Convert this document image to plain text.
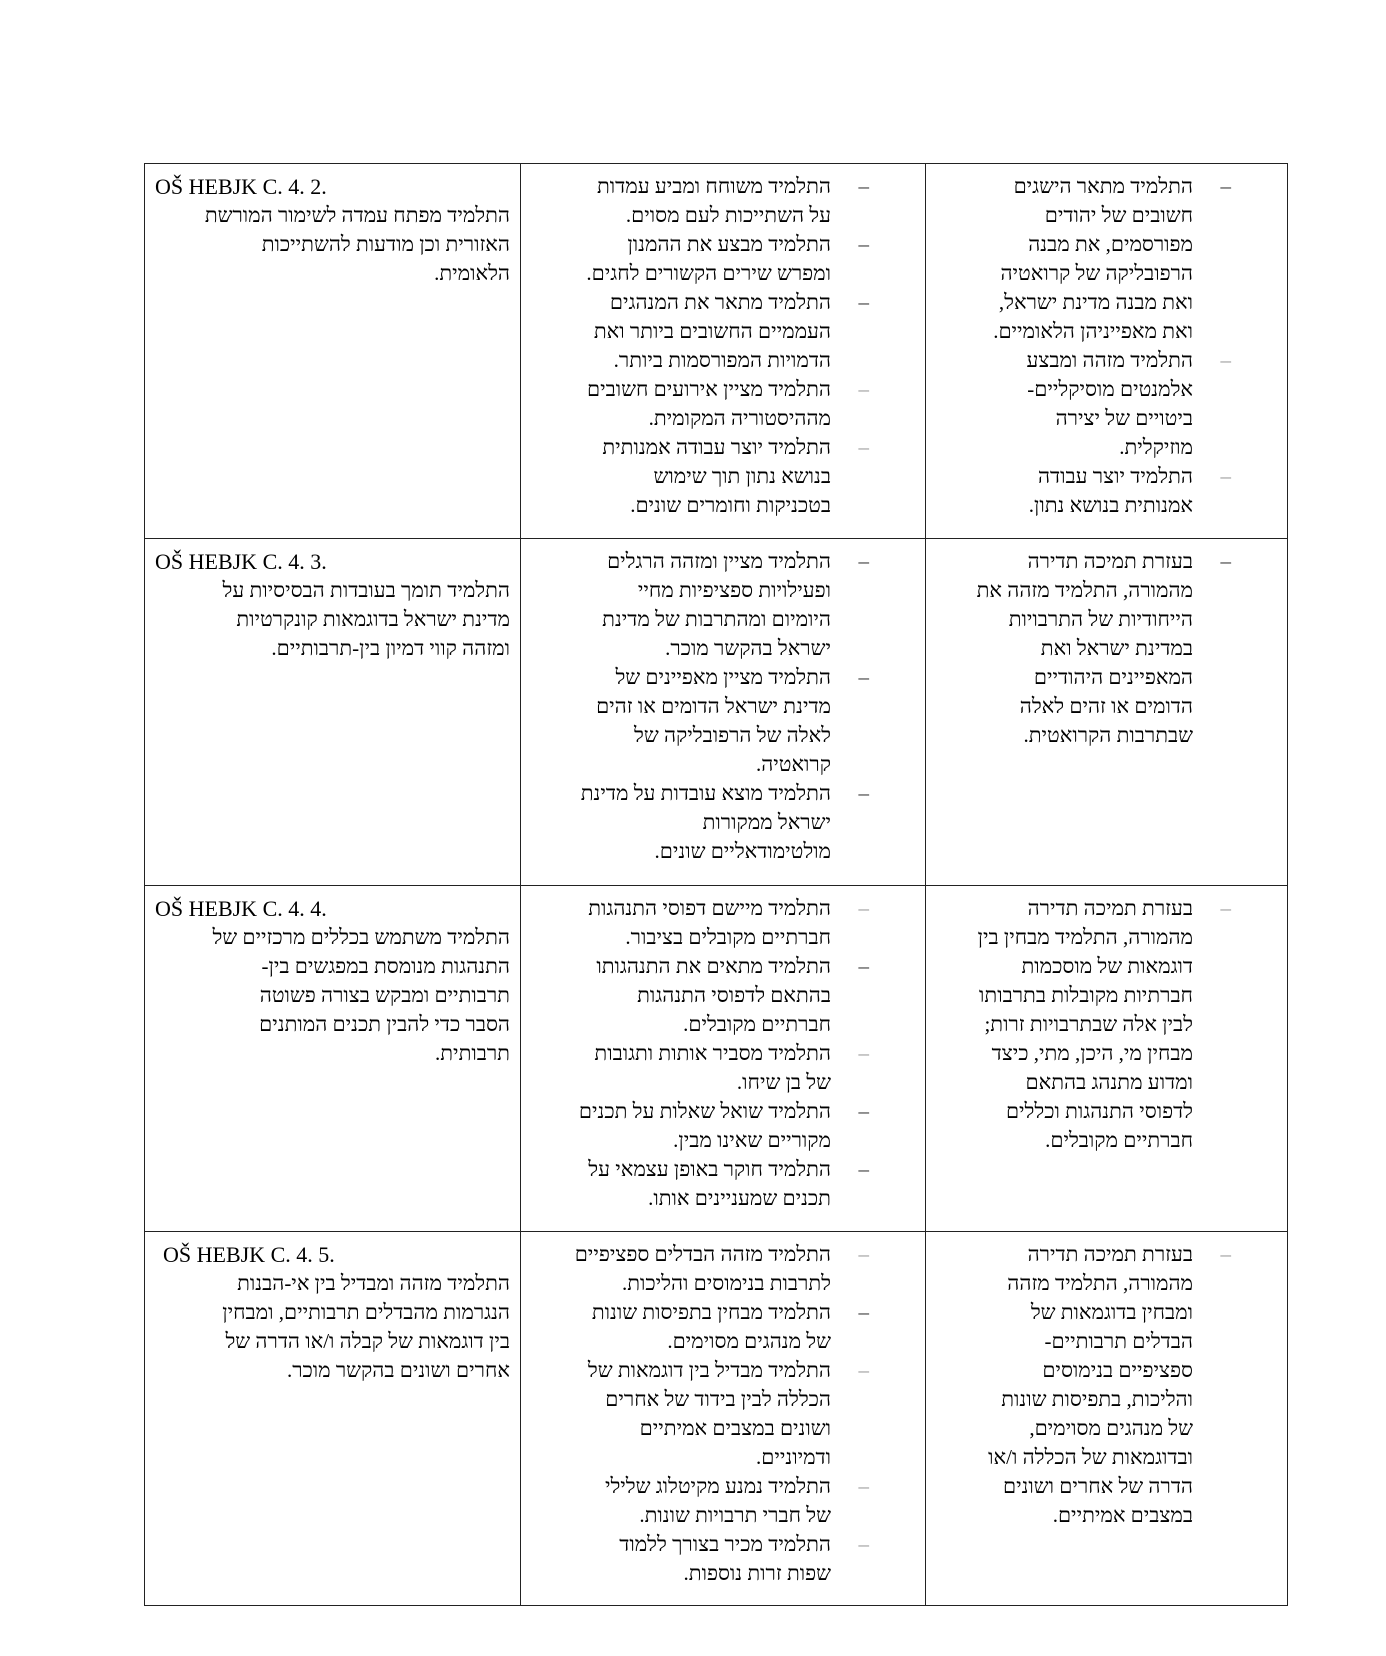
OŠ HEBJK C. 4. 2.
התלמיד מפתח עמדה לשימור המורשת
האזורית וכן מודעות להשתייכות
הלאומית.
–
התלמיד משוחח ומביע עמדות
על השתייכות לעם מסוים.
–
התלמיד מבצע את ההמנון
ומפרש שירים הקשורים לחגים.
–
התלמיד מתאר את המנהגים
העממיים החשובים ביותר ואת
הדמויות המפורסמות ביותר.
–
התלמיד מציין אירועים חשובים
מההיסטוריה המקומית.
–
התלמיד יוצר עבודה אמנותית
בנושא נתון תוך שימוש
בטכניקות וחומרים שונים.
–
התלמיד מתאר הישגים
חשובים של יהודים
מפורסמים, את מבנה
הרפובליקה של קרואטיה
ואת מבנה מדינת ישראל,
ואת מאפייניהן הלאומיים.
–
התלמיד מזהה ומבצע
אלמנטים מוסיקליים-
ביטויים של יצירה
מוזיקלית.
–
התלמיד יוצר עבודה
אמנותית בנושא נתון.
OŠ HEBJK C. 4. 3.
התלמיד תומך בעובדות הבסיסיות על
מדינת ישראל בדוגמאות קונקרטיות
ומזהה קווי דמיון בין-תרבותיים.
–
התלמיד מציין ומזהה הרגלים
ופעילויות ספציפיות מחיי
היומיום ומהתרבות של מדינת
ישראל בהקשר מוכר.
–
התלמיד מציין מאפיינים של
מדינת ישראל הדומים או זהים
לאלה של הרפובליקה של
קרואטיה.
–
התלמיד מוצא עובדות על מדינת
ישראל ממקורות
מולטימודאליים שונים.
–
בעזרת תמיכה תדירה
מהמורה, התלמיד מזהה את
הייחודיות של התרבויות
במדינת ישראל ואת
המאפיינים היהודיים
הדומים או זהים לאלה
שבתרבות הקרואטית.
OŠ HEBJK C. 4. 4.
התלמיד משתמש בכללים מרכזיים של
התנהגות מנומסת במפגשים בין-
תרבותיים ומבקש בצורה פשוטה
הסבר כדי להבין תכנים המותנים
תרבותית.
–
התלמיד מיישם דפוסי התנהגות
חברתיים מקובלים בציבור.
–
התלמיד מתאים את התנהגותו
בהתאם לדפוסי התנהגות
חברתיים מקובלים.
–
התלמיד מסביר אותות ותגובות
של בן שיחו.
–
התלמיד שואל שאלות על תכנים
מקוריים שאינו מבין.
–
התלמיד חוקר באופן עצמאי על
תכנים שמעניינים אותו.
–
בעזרת תמיכה תדירה
מהמורה, התלמיד מבחין בין
דוגמאות של מוסכמות
חברתיות מקובלות בתרבותו
לבין אלה שבתרבויות זרות;
מבחין מי, היכן, מתי, כיצד
ומדוע מתנהג בהתאם
לדפוסי התנהגות וכללים
חברתיים מקובלים.
OŠ HEBJK C. 4. 5.
התלמיד מזהה ומבדיל בין אי-הבנות
הנגרמות מהבדלים תרבותיים, ומבחין
בין דוגמאות של קבלה ו/או הדרה של
אחרים ושונים בהקשר מוכר.
–
התלמיד מזהה הבדלים ספציפיים
לתרבות בנימוסים והליכות.
–
התלמיד מבחין בתפיסות שונות
של מנהגים מסוימים.
–
התלמיד מבדיל בין דוגמאות של
הכללה לבין בידוד של אחרים
ושונים במצבים אמיתיים
ודמיוניים.
–
התלמיד נמנע מקיטלוג שלילי
של חברי תרבויות שונות.
–
התלמיד מכיר בצורך ללמוד
שפות זרות נוספות.
–
בעזרת תמיכה תדירה
מהמורה, התלמיד מזהה
ומבחין בדוגמאות של
הבדלים תרבותיים-
ספציפיים בנימוסים
והליכות, בתפיסות שונות
של מנהגים מסוימים,
ובדוגמאות של הכללה ו/או
הדרה של אחרים ושונים
במצבים אמיתיים.
